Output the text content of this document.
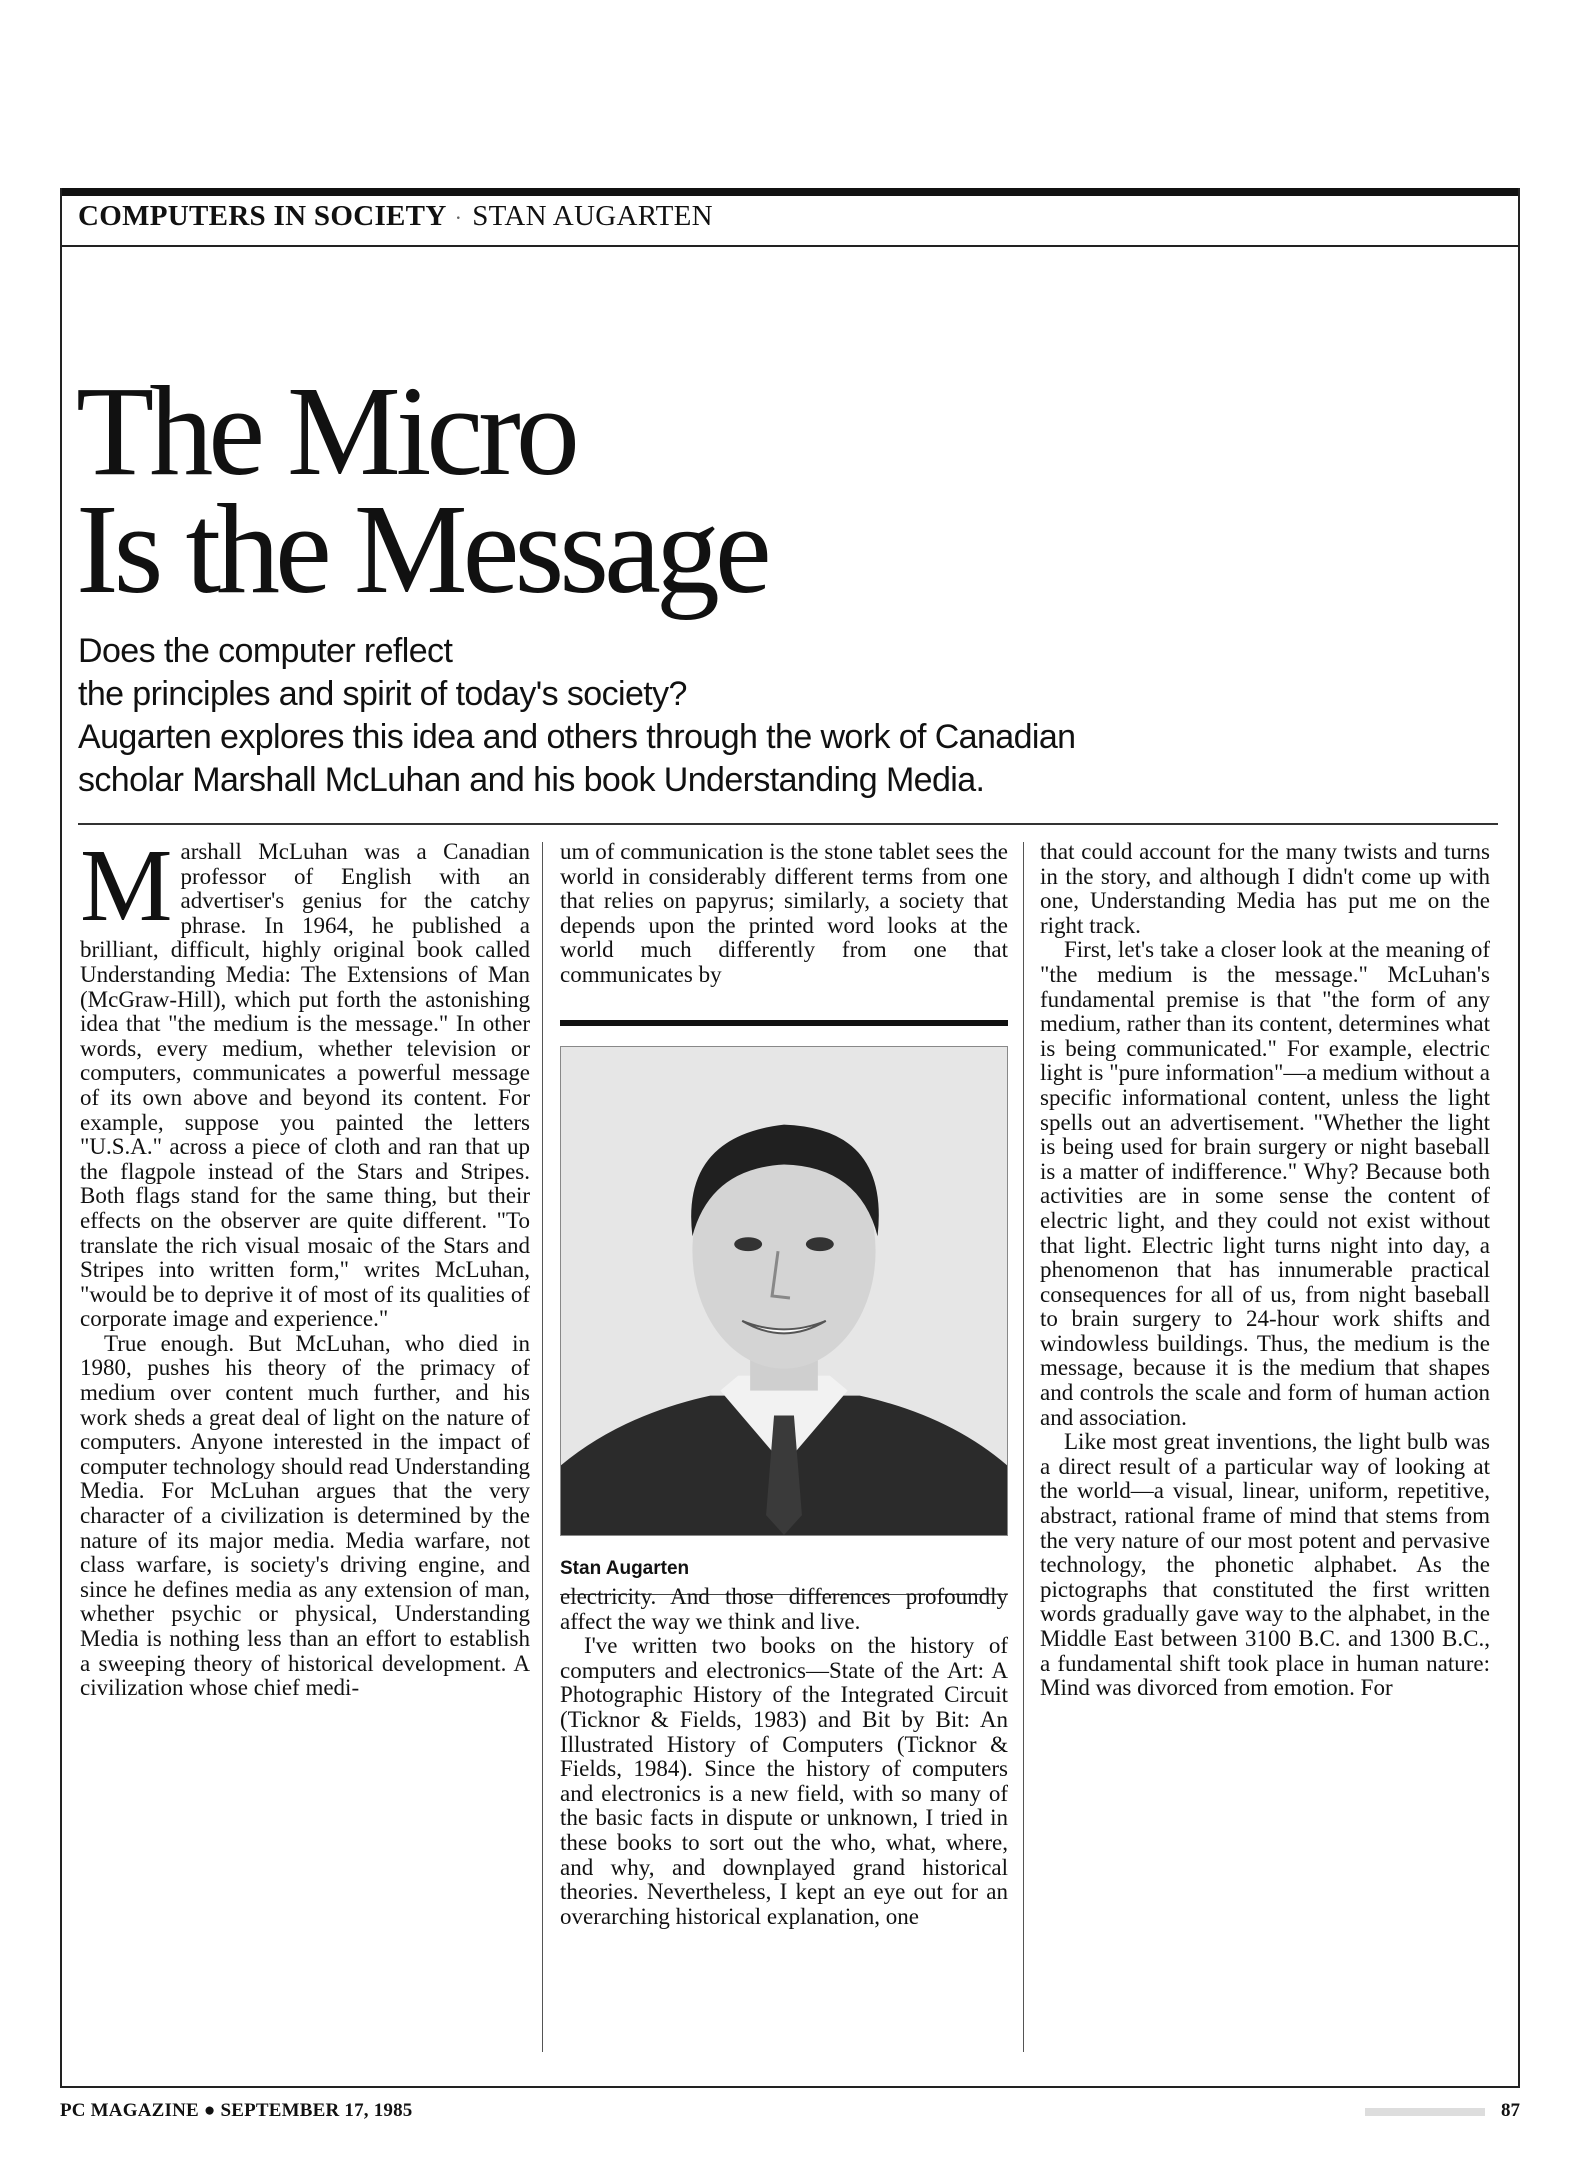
COMPUTERS IN SOCIETY · STAN AUGARTEN
The Micro
Is the Message
Does the computer reflect
the principles and spirit of today's society?
Augarten explores this idea and others through the work of Canadian
scholar Marshall McLuhan and his book Understanding Media.

Marshall McLuhan was a Canadian professor of English with an advertiser's genius for the catchy phrase. In 1964, he published a brilliant, difficult, highly original book called Understanding Media: The Extensions of Man (McGraw-Hill), which put forth the astonishing idea that "the medium is the message." In other words, every medium, whether television or computers, communicates a powerful message of its own above and beyond its content. For example, suppose you painted the letters "U.S.A." across a piece of cloth and ran that up the flagpole instead of the Stars and Stripes. Both flags stand for the same thing, but their effects on the observer are quite different. "To translate the rich visual mosaic of the Stars and Stripes into written form," writes McLuhan, "would be to deprive it of most of its qualities of corporate image and experience."

True enough. But McLuhan, who died in 1980, pushes his theory of the primacy of medium over content much further, and his work sheds a great deal of light on the nature of computers. Anyone interested in the impact of computer technology should read Understanding Media. For McLuhan argues that the very character of a civilization is determined by the nature of its major media. Media warfare, not class warfare, is society's driving engine, and since he defines media as any extension of man, whether psychic or physical, Understanding Media is nothing less than an effort to establish a sweeping theory of historical development. A civilization whose chief medi-

um of communication is the stone tablet sees the world in considerably different terms from one that relies on papyrus; similarly, a society that depends upon the printed word looks at the world much differently from one that communicates by

Stan Augarten

electricity. And those differences profoundly affect the way we think and live.

I've written two books on the history of computers and electronics—State of the Art: A Photographic History of the Integrated Circuit (Ticknor & Fields, 1983) and Bit by Bit: An Illustrated History of Computers (Ticknor & Fields, 1984). Since the history of computers and electronics is a new field, with so many of the basic facts in dispute or unknown, I tried in these books to sort out the who, what, where, and why, and downplayed grand historical theories. Nevertheless, I kept an eye out for an overarching historical explanation, one

that could account for the many twists and turns in the story, and although I didn't come up with one, Understanding Media has put me on the right track.

First, let's take a closer look at the meaning of "the medium is the message." McLuhan's fundamental premise is that "the form of any medium, rather than its content, determines what is being communicated." For example, electric light is "pure information"—a medium without a specific informational content, unless the light spells out an advertisement. "Whether the light is being used for brain surgery or night baseball is a matter of indifference." Why? Because both activities are in some sense the content of electric light, and they could not exist without that light. Electric light turns night into day, a phenomenon that has innumerable practical consequences for all of us, from night baseball to brain surgery to 24-hour work shifts and windowless buildings. Thus, the medium is the message, because it is the medium that shapes and controls the scale and form of human action and association.

Like most great inventions, the light bulb was a direct result of a particular way of looking at the world—a visual, linear, uniform, repetitive, abstract, rational frame of mind that stems from the very nature of our most potent and pervasive technology, the phonetic alphabet. As the pictographs that constituted the first written words gradually gave way to the alphabet, in the Middle East between 3100 B.C. and 1300 B.C., a fundamental shift took place in human nature: Mind was divorced from emotion. For

PC MAGAZINE ● SEPTEMBER 17, 1985	87
